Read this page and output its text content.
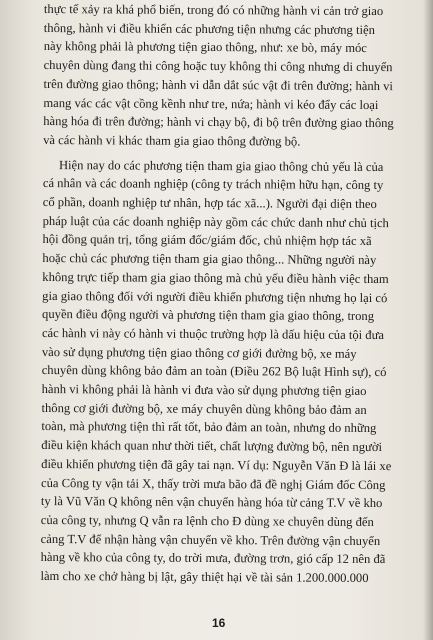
thực tế xảy ra khá phổ biến, trong đó có những hành vi cản trở giao
thông, hành vi điều khiển các phương tiện nhưng các phương tiện
này không phải là phương tiện giao thông, như: xe bò, máy móc
chuyên dùng đang thi công hoặc tuy không thi công nhưng di chuyển
trên đường giao thông; hành vi dẫn dắt súc vật đi trên đường; hành vi
mang vác các vật cồng kềnh như tre, nứa; hành vi kéo đẩy các loại
hàng hóa đi trên đường; hành vi chạy bộ, đi bộ trên đường giao thông
và các hành vi khác tham gia giao thông đường bộ.
Hiện nay do các phương tiện tham gia giao thông chủ yếu là của
cá nhân và các doanh nghiệp (công ty trách nhiệm hữu hạn, công ty
cổ phần, doanh nghiệp tư nhân, hợp tác xã...). Người đại diện theo
pháp luật của các doanh nghiệp này gồm các chức danh như chủ tịch
hội đồng quản trị, tổng giám đốc/giám đốc, chủ nhiệm hợp tác xã
hoặc chủ các phương tiện tham gia giao thông... Những người này
không trực tiếp tham gia giao thông mà chủ yếu điều hành việc tham
gia giao thông đối với người điều khiển phương tiện nhưng họ lại có
quyền điều động người và phương tiện tham gia giao thông, trong
các hành vi này có hành vi thuộc trường hợp là dấu hiệu của tội đưa
vào sử dụng phương tiện giao thông cơ giới đường bộ, xe máy
chuyên dùng không bảo đảm an toàn (Điều 262 Bộ luật Hình sự), có
hành vi không phải là hành vi đưa vào sử dụng phương tiện giao
thông cơ giới đường bộ, xe máy chuyên dùng không bảo đảm an
toàn, mà phương tiện thì rất tốt, bảo đảm an toàn, nhưng do những
điều kiện khách quan như thời tiết, chất lượng đường bộ, nên người
điều khiển phương tiện đã gây tai nạn. Ví dụ: Nguyễn Văn Đ là lái xe
của Công ty vận tải X, thấy trời mưa bão đã đề nghị Giám đốc Công
ty là Vũ Văn Q không nên vận chuyển hàng hóa từ cảng T.V về kho
của công ty, nhưng Q vẫn ra lệnh cho Đ dùng xe chuyên dùng đến
cảng T.V để nhận hàng vận chuyển về kho. Trên đường vận chuyển
hàng về kho của công ty, do trời mưa, đường trơn, gió cấp 12 nên đã
làm cho xe chở hàng bị lật, gây thiệt hại về tài sản 1.200.000.000
16
